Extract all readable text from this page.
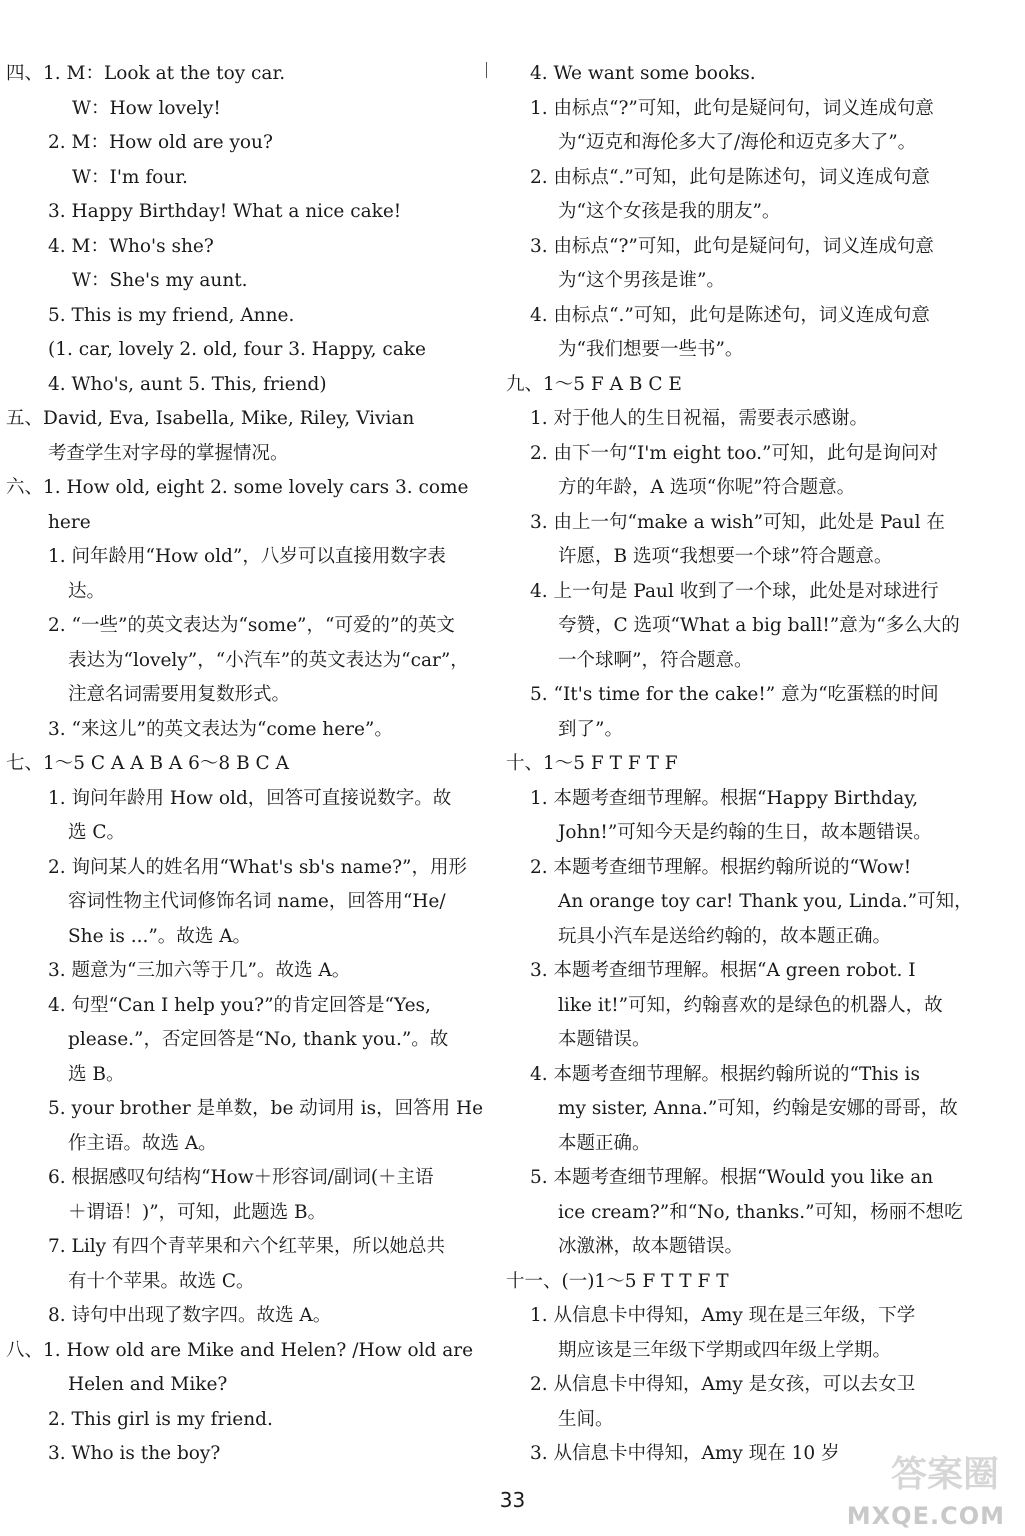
四、1. M：Look at the toy car.
W：How lovely!
2. M：How old are you?
W：I'm four.
3. Happy Birthday! What a nice cake!
4. M：Who's she?
W：She's my aunt.
5. This is my friend, Anne.
(1. car, lovely 2. old, four 3. Happy, cake
4. Who's, aunt 5. This, friend)
五、David, Eva, Isabella, Mike, Riley, Vivian
考查学生对字母的掌握情况。
六、1. How old, eight 2. some lovely cars 3. come
here
1. 问年龄用“How old”，八岁可以直接用数字表
达。
2. “一些”的英文表达为“some”，“可爱的”的英文
表达为“lovely”，“小汽车”的英文表达为“car”，
注意名词需要用复数形式。
3. “来这儿”的英文表达为“come here”。
七、1～5 C A A B A 6～8 B C A
1. 询问年龄用 How old，回答可直接说数字。故
选 C。
2. 询问某人的姓名用“What's sb's name?”，用形
容词性物主代词修饰名词 name，回答用“He/
She is ...”。故选 A。
3. 题意为“三加六等于几”。故选 A。
4. 句型“Can I help you?”的肯定回答是“Yes,
please.”，否定回答是“No, thank you.”。故
选 B。
5. your brother 是单数，be 动词用 is，回答用 He
作主语。故选 A。
6. 根据感叹句结构“How＋形容词/副词(＋主语
＋谓语！)”，可知，此题选 B。
7. Lily 有四个青苹果和六个红苹果，所以她总共
有十个苹果。故选 C。
8. 诗句中出现了数字四。故选 A。
八、1. How old are Mike and Helen? /How old are
Helen and Mike?
2. This girl is my friend.
3. Who is the boy?
4. We want some books.
1. 由标点“?”可知，此句是疑问句，词义连成句意
为“迈克和海伦多大了/海伦和迈克多大了”。
2. 由标点“.”可知，此句是陈述句，词义连成句意
为“这个女孩是我的朋友”。
3. 由标点“?”可知，此句是疑问句，词义连成句意
为“这个男孩是谁”。
4. 由标点“.”可知，此句是陈述句，词义连成句意
为“我们想要一些书”。
九、1～5 F A B C E
1. 对于他人的生日祝福，需要表示感谢。
2. 由下一句“I'm eight too.”可知，此句是询问对
方的年龄，A 选项“你呢”符合题意。
3. 由上一句“make a wish”可知，此处是 Paul 在
许愿，B 选项“我想要一个球”符合题意。
4. 上一句是 Paul 收到了一个球，此处是对球进行
夸赞，C 选项“What a big ball!”意为“多么大的
一个球啊”，符合题意。
5. “It's time for the cake!” 意为“吃蛋糕的时间
到了”。
十、1～5 F T F T F
1. 本题考查细节理解。根据“Happy Birthday,
John!”可知今天是约翰的生日，故本题错误。
2. 本题考查细节理解。根据约翰所说的“Wow!
An orange toy car! Thank you, Linda.”可知，
玩具小汽车是送给约翰的，故本题正确。
3. 本题考查细节理解。根据“A green robot. I
like it!”可知，约翰喜欢的是绿色的机器人，故
本题错误。
4. 本题考查细节理解。根据约翰所说的“This is
my sister, Anna.”可知，约翰是安娜的哥哥，故
本题正确。
5. 本题考查细节理解。根据“Would you like an
ice cream?”和“No, thanks.”可知，杨丽不想吃
冰激淋，故本题错误。
十一、(一)1～5 F T T F T
1. 从信息卡中得知，Amy 现在是三年级，下学
期应该是三年级下学期或四年级上学期。
2. 从信息卡中得知，Amy 是女孩，可以去女卫
生间。
3. 从信息卡中得知，Amy 现在 10 岁
33
答案圈
MXQE.COM
